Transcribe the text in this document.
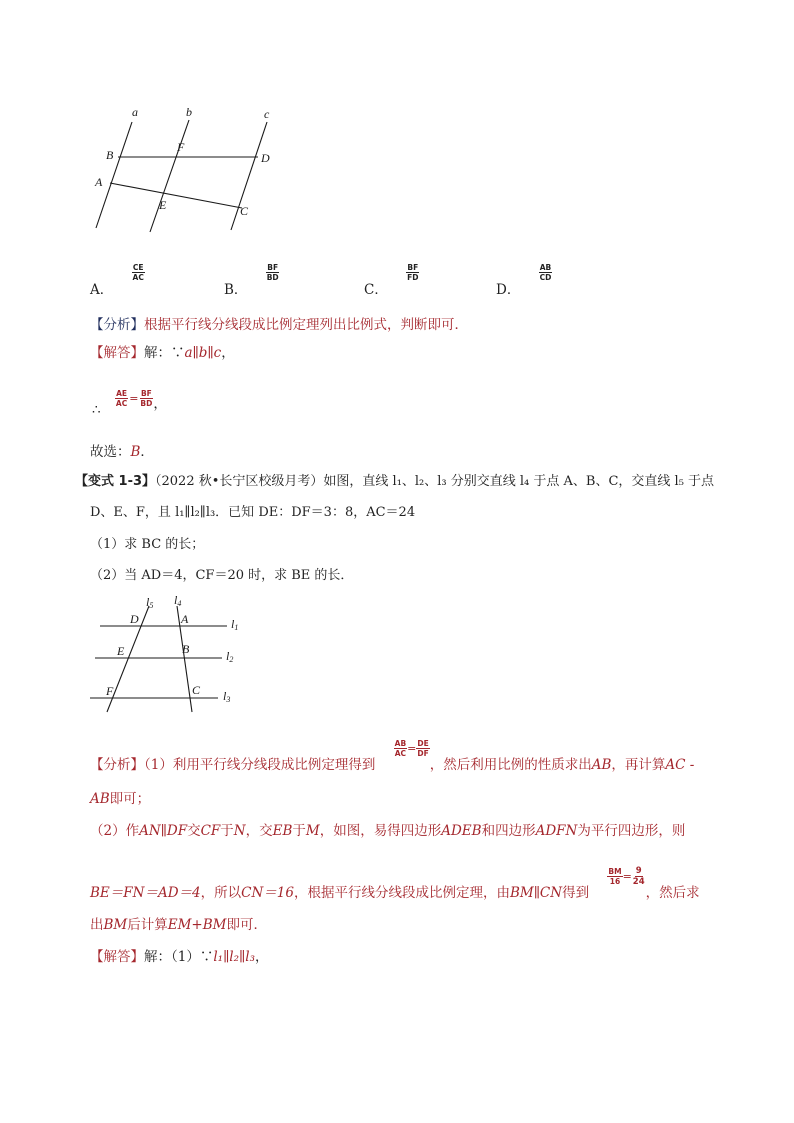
a	b	c
B
F
D
A
E	C
A．
$\frac{CE}{AC}$
B．
$\frac{BF}{BD}$
C．
$\frac{BF}{FD}$
D．
$\frac{AB}{CD}$
【分析】根据平行线分线段成比例定理列出比例式，判断即可．
【解答】解：∵a∥b∥c，
∴
$\frac{AE}{AC} = \frac{BF}{BD}$ ，
故选：B．
【变式 1-3】（2022 秋•长宁区校级月考）如图，直线 l₁、l₂、l₃ 分别交直线 l₄ 于点 A、B、C，交直线 l₅ 于点
D、E、F，且 l₁∥l₂∥l₃．已知 DE：DF＝3：8，AC＝24
（1）求 BC 的长；
（2）当 AD＝4，CF＝20 时，求 BE 的长．
l5 l4
D	A	l1
E	B	l2
F	C l3
【分析】（1）利用平行线分线段成比例定理得到
$\frac{AB}{AC} = \frac{DE}{DF}$
，然后利用比例的性质求出AB，再计算AC -
AB即可；
（2）作AN∥DF交CF于N，交EB于M，如图，易得四边形ADEB和四边形ADFN为平行四边形，则
BE＝FN＝AD＝4，所以CN＝16，根据平行线分线段成比例定理，由BM∥CN得到
$\frac{BM}{16} = \frac{9}{24}$
，然后求
出BM后计算EM+BM即可．
【解答】解：（1）∵l₁∥l₂∥l₃，
